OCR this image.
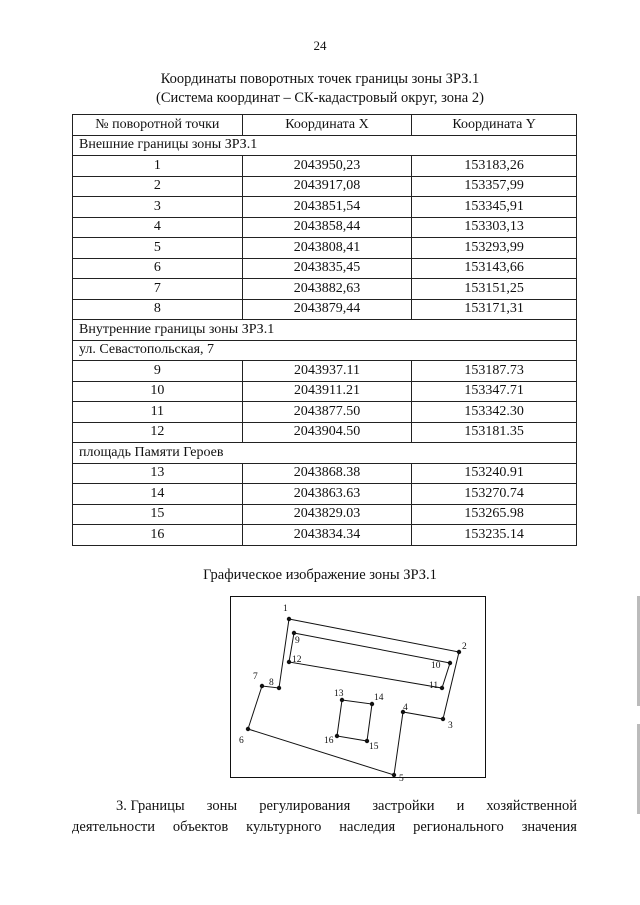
24
Координаты поворотных точек границы зоны ЗРЗ.1
(Система координат – СК-кадастровый округ, зона 2)
№ поворотной точки	Координата X	Координата Y
Внешние границы зоны ЗРЗ.1		
1	2043950,23	153183,26
2	2043917,08	153357,99
3	2043851,54	153345,91
4	2043858,44	153303,13
5	2043808,41	153293,99
6	2043835,45	153143,66
7	2043882,63	153151,25
8	2043879,44	153171,31
Внутренние границы зоны ЗРЗ.1		
ул. Севастопольская, 7		
9	2043937.11	153187.73
10	2043911.21	153347.71
11	2043877.50	153342.30
12	2043904.50	153181.35
площадь Памяти Героев		
13	2043868.38	153240.91
14	2043863.63	153270.74
15	2043829.03	153265.98
16	2043834.34	153235.14
Графическое изображение зоны ЗРЗ.1
1
2
3
4
5
6
7
8
9
10
11
12
13	14
15
16
3. Границы зоны регулирования застройки и хозяйственной
деятельности объектов культурного наследия регионального значения
